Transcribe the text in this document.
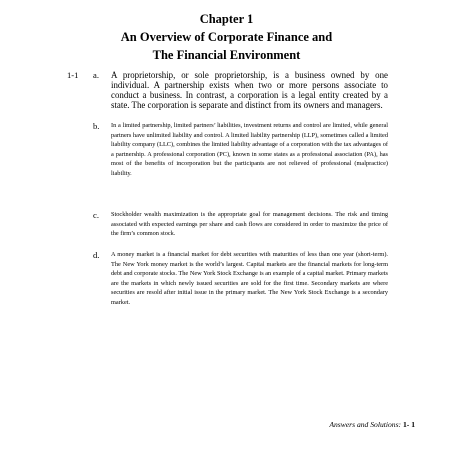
Chapter 1
An Overview of Corporate Finance and
The Financial Environment
1-1 a. A proprietorship, or sole proprietorship, is a business owned by one individual. A partnership exists when two or more persons associate to conduct a business. In contrast, a corporation is a legal entity created by a state. The corporation is separate and distinct from its owners and managers.
b. In a limited partnership, limited partners’ liabilities, investment returns and control are limited, while general partners have unlimited liability and control. A limited liability partnership (LLP), sometimes called a limited liability company (LLC), combines the limited liability advantage of a corporation with the tax advantages of a partnership. A professional corporation (PC), known in some states as a professional association (PA), has most of the benefits of incorporation but the participants are not relieved of professional (malpractice) liability.
c. Stockholder wealth maximization is the appropriate goal for management decisions. The risk and timing associated with expected earnings per share and cash flows are considered in order to maximize the price of the firm’s common stock.
d. A money market is a financial market for debt securities with maturities of less than one year (short-term). The New York money market is the world’s largest. Capital markets are the financial markets for long-term debt and corporate stocks. The New York Stock Exchange is an example of a capital market. Primary markets are the markets in which newly issued securities are sold for the first time. Secondary markets are where securities are resold after initial issue in the primary market. The New York Stock Exchange is a secondary market.
Answers and Solutions: 1- 1
